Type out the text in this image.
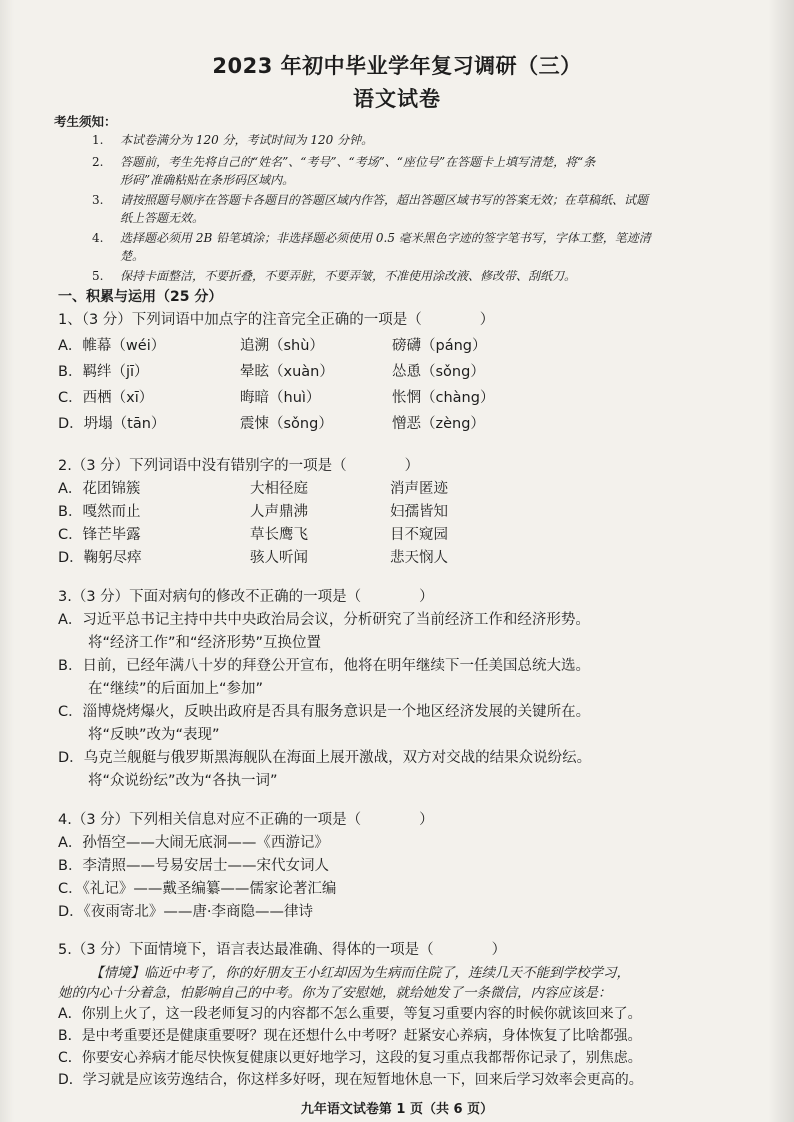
2023 年初中毕业学年复习调研（三）
语文试卷
考生须知：
1. 本试卷满分为 120 分，考试时间为 120 分钟。
2. 答题前，考生先将自己的“姓名”、“考号”、“考场”、“座位号”在答题卡上填写清楚，将“条
形码”准确粘贴在条形码区域内。
3. 请按照题号顺序在答题卡各题目的答题区域内作答，超出答题区域书写的答案无效；在草稿纸、试题
纸上答题无效。
4. 选择题必须用 2B 铅笔填涂；非选择题必须使用 0.5 毫米黑色字迹的签字笔书写，字体工整，笔迹清
楚。
5. 保持卡面整洁，不要折叠，不要弄脏，不要弄皱，不准使用涂改液、修改带、刮纸刀。
一、积累与运用（25 分）
1、（3 分）下列词语中加点字的注音完全正确的一项是（　　　　）
A．帷幕（wéi）	追溯（shù）	磅礴（páng）
B．羁绊（jī）	晕眩（xuàn）	怂恿（sǒng）
C．西栖（xī）	晦暗（huì）	怅惘（chàng）
D．坍塌（tān）	震悚（sǒng）	憎恶（zèng）
2.（3 分）下列词语中没有错别字的一项是（　　　　）
A．花团锦簇	大相径庭	消声匿迹
B．嘎然而止	人声鼎沸	妇孺皆知
C．锋芒毕露	草长鹰飞	目不窥园
D．鞠躬尽瘁	骇人听闻	悲天悯人
3.（3 分）下面对病句的修改不正确的一项是（　　　　）
A．习近平总书记主持中共中央政治局会议，分析研究了当前经济工作和经济形势。
将“经济工作”和“经济形势”互换位置
B．日前，已经年满八十岁的拜登公开宣布，他将在明年继续下一任美国总统大选。
在“继续”的后面加上“参加”
C．淄博烧烤爆火，反映出政府是否具有服务意识是一个地区经济发展的关键所在。
将“反映”改为“表现”
D．乌克兰舰艇与俄罗斯黑海舰队在海面上展开激战，双方对交战的结果众说纷纭。
将“众说纷纭”改为“各执一词”
4.（3 分）下列相关信息对应不正确的一项是（　　　　）
A．孙悟空——大闹无底洞——《西游记》
B．李清照——号易安居士——宋代女词人
C．《礼记》——戴圣编纂——儒家论著汇编
D．《夜雨寄北》——唐·李商隐——律诗
5.（3 分）下面情境下，语言表达最准确、得体的一项是（　　　　）
【情境】临近中考了，你的好朋友王小红却因为生病而住院了，连续几天不能到学校学习，
她的内心十分着急，怕影响自己的中考。你为了安慰她，就给她发了一条微信，内容应该是：
A．你别上火了，这一段老师复习的内容都不怎么重要，等复习重要内容的时候你就该回来了。
B．是中考重要还是健康重要呀？现在还想什么中考呀？赶紧安心养病，身体恢复了比啥都强。
C．你要安心养病才能尽快恢复健康以更好地学习，这段的复习重点我都帮你记录了，别焦虑。
D．学习就是应该劳逸结合，你这样多好呀，现在短暂地休息一下，回来后学习效率会更高的。
九年语文试卷第 1 页（共 6 页）
